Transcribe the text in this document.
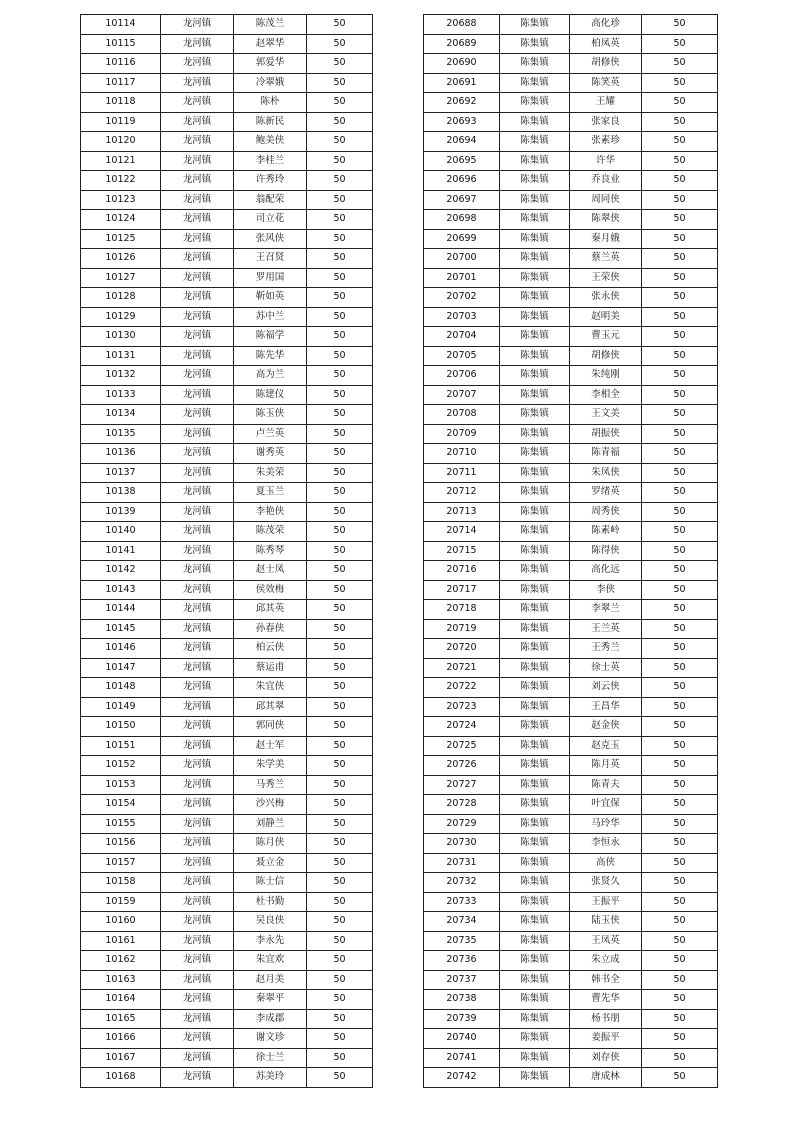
10114	龙河镇	陈茂兰	50
10115	龙河镇	赵翠华	50
10116	龙河镇	郭爱华	50
10117	龙河镇	冷翠娥	50
10118	龙河镇	陈朴	50
10119	龙河镇	陈新民	50
10120	龙河镇	鲍美侠	50
10121	龙河镇	李桂兰	50
10122	龙河镇	许秀玲	50
10123	龙河镇	翁配荣	50
10124	龙河镇	司立花	50
10125	龙河镇	张风侠	50
10126	龙河镇	王召贤	50
10127	龙河镇	罗用国	50
10128	龙河镇	靳如英	50
10129	龙河镇	苏中兰	50
10130	龙河镇	陈福学	50
10131	龙河镇	陈先华	50
10132	龙河镇	高为兰	50
10133	龙河镇	陈建仪	50
10134	龙河镇	陈玉侠	50
10135	龙河镇	卢兰英	50
10136	龙河镇	谢秀英	50
10137	龙河镇	朱美荣	50
10138	龙河镇	夏玉兰	50
10139	龙河镇	李艳侠	50
10140	龙河镇	陈茂荣	50
10141	龙河镇	陈秀琴	50
10142	龙河镇	赵士凤	50
10143	龙河镇	侯效梅	50
10144	龙河镇	邱其英	50
10145	龙河镇	孙春侠	50
10146	龙河镇	柏云侠	50
10147	龙河镇	蔡运甫	50
10148	龙河镇	朱宜侠	50
10149	龙河镇	邱其翠	50
10150	龙河镇	郭同侠	50
10151	龙河镇	赵士军	50
10152	龙河镇	朱学美	50
10153	龙河镇	马秀兰	50
10154	龙河镇	沙兴梅	50
10155	龙河镇	刘静兰	50
10156	龙河镇	陈月侠	50
10157	龙河镇	聂立金	50
10158	龙河镇	陈士信	50
10159	龙河镇	杜书勤	50
10160	龙河镇	吴良侠	50
10161	龙河镇	李永先	50
10162	龙河镇	朱宜欢	50
10163	龙河镇	赵月美	50
10164	龙河镇	秦翠平	50
10165	龙河镇	李成郡	50
10166	龙河镇	谢文珍	50
10167	龙河镇	徐士兰	50
10168	龙河镇	苏美玲	50
20688	陈集镇	高化珍	50
20689	陈集镇	柏凤英	50
20690	陈集镇	胡修侠	50
20691	陈集镇	陈笑英	50
20692	陈集镇	王耀	50
20693	陈集镇	张家良	50
20694	陈集镇	张素珍	50
20695	陈集镇	许华	50
20696	陈集镇	乔良业	50
20697	陈集镇	周同侠	50
20698	陈集镇	陈翠侠	50
20699	陈集镇	秦月娥	50
20700	陈集镇	蔡兰英	50
20701	陈集镇	王荣侠	50
20702	陈集镇	张永侠	50
20703	陈集镇	赵明美	50
20704	陈集镇	曹玉元	50
20705	陈集镇	胡修侠	50
20706	陈集镇	朱纯刚	50
20707	陈集镇	李相全	50
20708	陈集镇	王文美	50
20709	陈集镇	胡振侠	50
20710	陈集镇	陈青福	50
20711	陈集镇	朱凤侠	50
20712	陈集镇	罗绪英	50
20713	陈集镇	周秀侠	50
20714	陈集镇	陈素岭	50
20715	陈集镇	陈得侠	50
20716	陈集镇	高化远	50
20717	陈集镇	李侠	50
20718	陈集镇	李翠兰	50
20719	陈集镇	王兰英	50
20720	陈集镇	王秀兰	50
20721	陈集镇	徐士英	50
20722	陈集镇	刘云侠	50
20723	陈集镇	王昌华	50
20724	陈集镇	赵金侠	50
20725	陈集镇	赵克玉	50
20726	陈集镇	陈月英	50
20727	陈集镇	陈青夫	50
20728	陈集镇	叶宜保	50
20729	陈集镇	马玲华	50
20730	陈集镇	李恒永	50
20731	陈集镇	高侠	50
20732	陈集镇	张贤久	50
20733	陈集镇	王振平	50
20734	陈集镇	陆玉侠	50
20735	陈集镇	王凤英	50
20736	陈集镇	朱立成	50
20737	陈集镇	韩书全	50
20738	陈集镇	曹先华	50
20739	陈集镇	杨书朋	50
20740	陈集镇	姜振平	50
20741	陈集镇	刘存侠	50
20742	陈集镇	唐成林	50
